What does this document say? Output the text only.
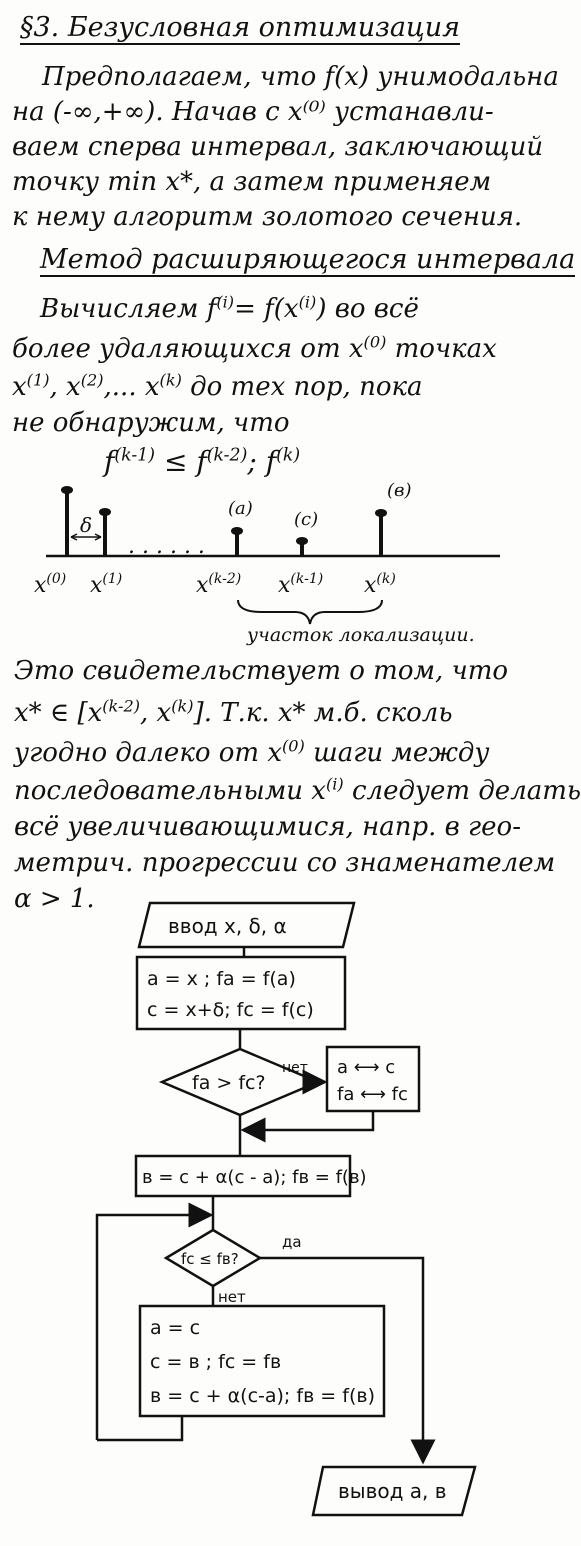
§3. Безусловная оптимизация
Предполагаем, что f(x) унимодальна
на (-∞,+∞). Начав с x⁽⁰⁾ устанавли-
ваем сперва интервал, заключающий
точку min x*, а затем применяем
к нему алгоритм золотого сечения.
Метод расширяющегося интервала
Вычисляем $f^{(i)}= f(x^{(i)})$ во всё
более удаляющихся от $x^{(0)}$ точках
$x^{(1)}$, $x^{(2)}$,... $x^{(k)}$ до тех пор, пока
не обнаружим, что
$f^{(k-1)} \le f^{(k-2)}$; $f^{(k)}$
δ
. . . . . .
(a)
(c)
(в)
$x^{(0)}$ $x^{(1)}$	$x^{(k-2)}$ $x^{(k-1)}$ $x^{(k)}$
участок локализации.
Это свидетельствует о том, что
x* ∈ [$x^{(k-2)}$, $x^{(k)}$]. Т.к. x* м.б. сколь
угодно далеко от $x^{(0)}$ шаги между
последовательными $x^{(i)}$ следует делать
всё увеличивающимися, напр. в гео-
метрич. прогрессии со знаменателем
α > 1.
ввод x, δ, α
a = x ; fa = f(a)
c = x+δ; fc = f(c)
fa > fc?
нет a ⟷ c
fa ⟷ fc
в = c + α(c - a); fв = f(в)
fc ≤ fв?
да
нет
a = c
c = в ; fc = fв
в = c + α(c-a); fв = f(в)
вывод a, в
